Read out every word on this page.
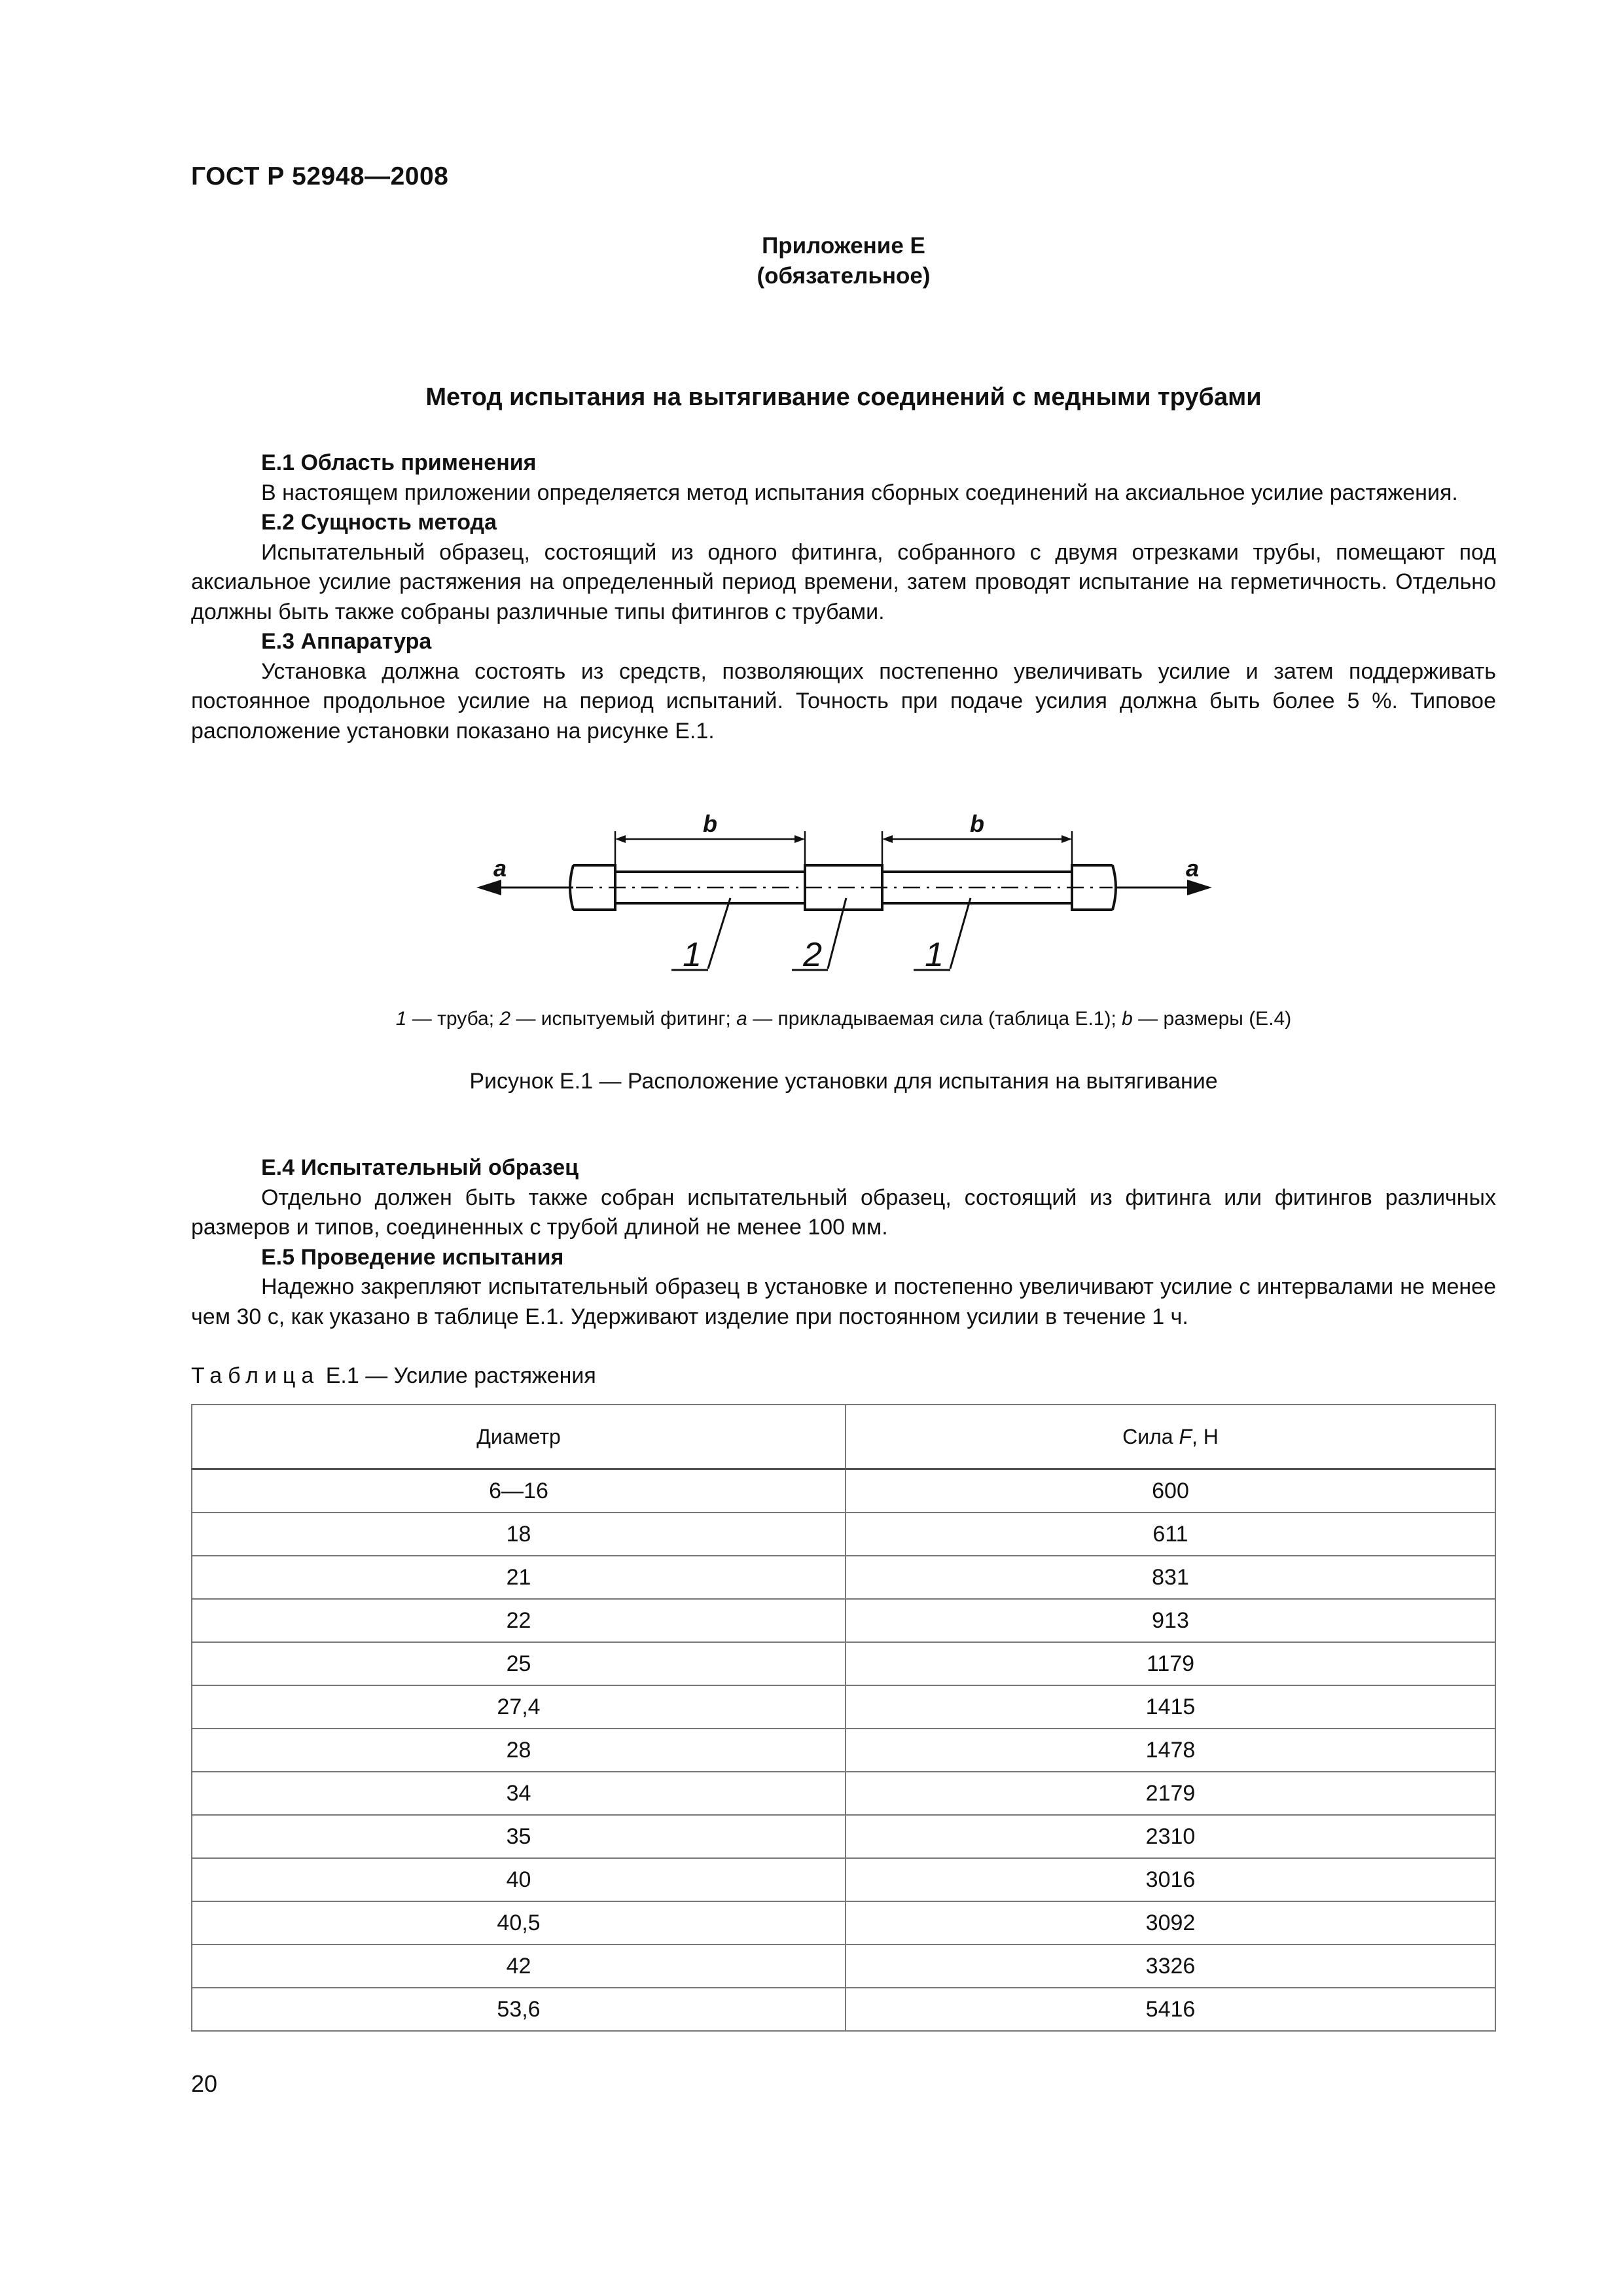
ГОСТ Р 52948—2008
Приложение Е
(обязательное)
Метод испытания на вытягивание соединений с медными трубами

Е.1 Область применения

В настоящем приложении определяется метод испытания сборных соединений на аксиальное усилие растяжения.

Е.2 Сущность метода

Испытательный образец, состоящий из одного фитинга, собранного с двумя отрезками трубы, помещают под аксиальное усилие растяжения на определенный период времени, затем проводят испытание на герметичность. Отдельно должны быть также собраны различные типы фитингов с трубами.

Е.3 Аппаратура

Установка должна состоять из средств, позволяющих постепенно увеличивать усилие и затем поддерживать постоянное продольное усилие на период испытаний. Точность при подаче усилия должна быть более 5 %. Типовое расположение установки показано на рисунке Е.1.

b	b
a	a
1	2	1
1 — труба; 2 — испытуемый фитинг; a — прикладываемая сила (таблица Е.1); b — размеры (Е.4)
Рисунок Е.1 — Расположение установки для испытания на вытягивание

Е.4 Испытательный образец

Отдельно должен быть также собран испытательный образец, состоящий из фитинга или фитингов различных размеров и типов, соединенных с трубой длиной не менее 100 мм.

Е.5 Проведение испытания

Надежно закрепляют испытательный образец в установке и постепенно увеличивают усилие с интервалами не менее чем 30 с, как указано в таблице Е.1. Удерживают изделие при постоянном усилии в течение 1 ч.

Таблица Е.1 — Усилие растяжения
Диаметр	Сила F, Н
6—16	600
18	611
21	831
22	913
25	1179
27,4	1415
28	1478
34	2179
35	2310
40	3016
40,5	3092
42	3326
53,6	5416
20
